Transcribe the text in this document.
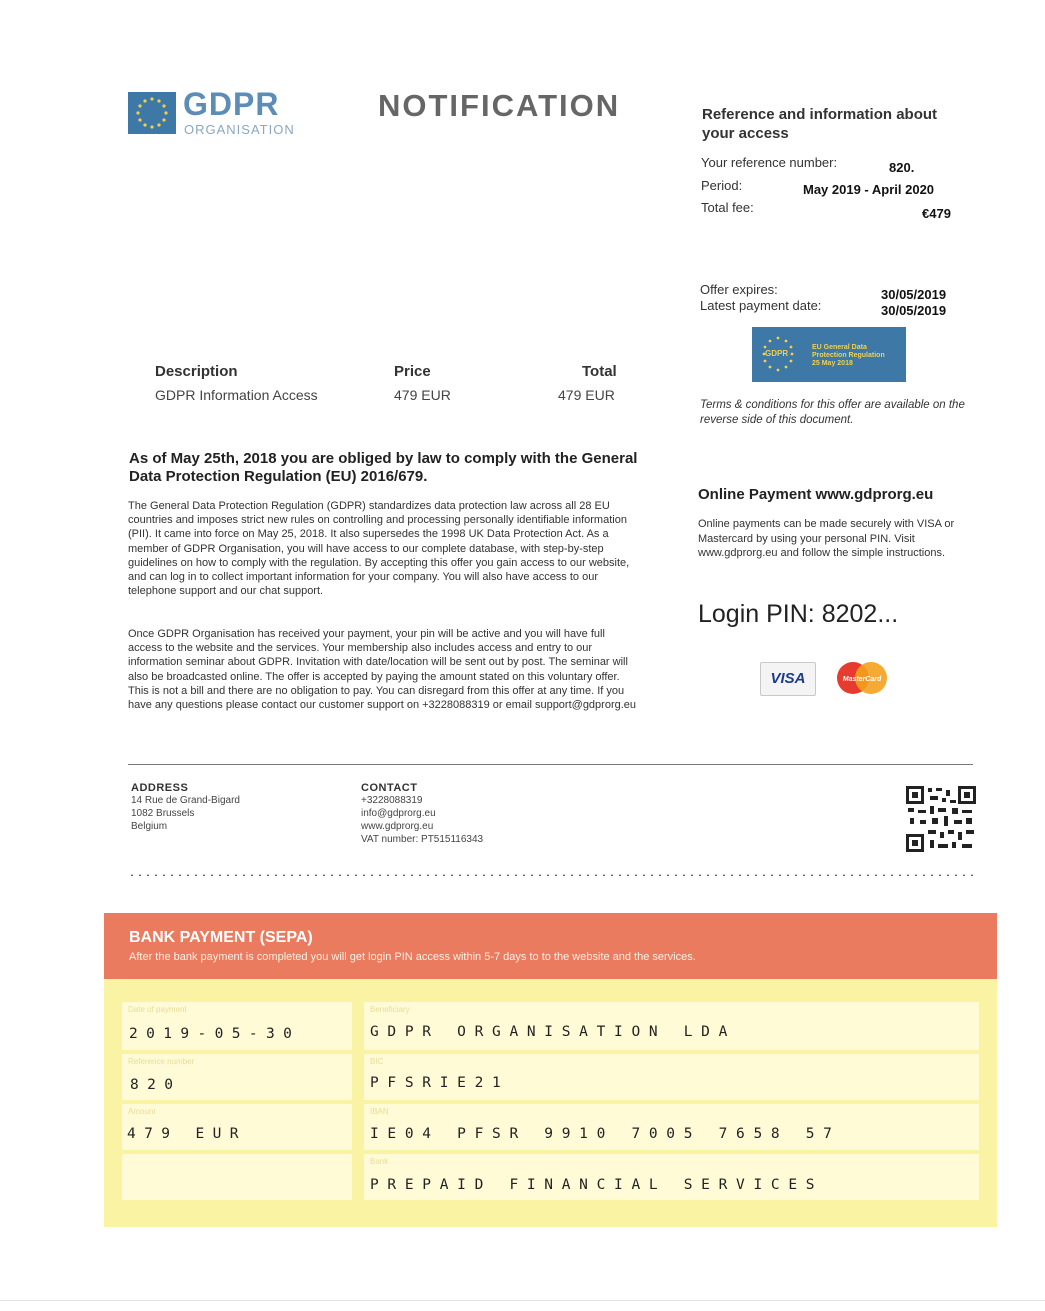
GDPR
ORGANISATION
NOTIFICATION	Reference and information about your access
Your reference number:	820.
Period:	May 2019 - April 2020
Total fee:	€479
Offer expires:	30/05/2019
Latest payment date:	30/05/2019
GDPR
EU General Data
Protection Regulation
25 May 2018
Terms & conditions for this offer are available on the reverse side of this document.
Description	Price	Total
GDPR Information Access	479 EUR	479 EUR
As of May 25th, 2018 you are obliged by law to comply with the General Data Protection Regulation (EU) 2016/679.
The General Data Protection Regulation (GDPR) standardizes data protection law across all 28 EU countries and imposes strict new rules on controlling and processing personally identifiable information (PII). It came into force on May 25, 2018. It also supersedes the 1998 UK Data Protection Act. As a member of GDPR Organisation, you will have access to our complete database, with step-by-step guidelines on how to comply with the regulation. By accepting this offer you gain access to our website, and can log in to collect important information for your company. You will also have access to our telephone support and our chat support.
Once GDPR Organisation has received your payment, your pin will be active and you will have full access to the website and the services. Your membership also includes access and entry to our information seminar about GDPR. Invitation with date/location will be sent out by post. The seminar will also be broadcasted online. The offer is accepted by paying the amount stated on this voluntary offer. This is not a bill and there are no obligation to pay. You can disregard from this offer at any time. If you have any questions please contact our customer support on +3228088319 or email support@gdprorg.eu
Online Payment www.gdprorg.eu
Online payments can be made securely with VISA or Mastercard by using your personal PIN. Visit www.gdprorg.eu and follow the simple instructions.
Login PIN: 8202...
VISA	MasterCard
ADDRESS
14 Rue de Grand-Bigard
1082 Brussels
Belgium
CONTACT
+3228088319
info@gdprorg.eu
www.gdprorg.eu
VAT number: PT515116343
BANK PAYMENT (SEPA)
After the bank payment is completed you will get login PIN access within 5-7 days to to the website and the services.
Date of payment
2019-05-30
Reference number
820
Amount
479 EUR
Beneficiary
GDPR ORGANISATION LDA
BIC
PFSRIE21
IBAN
IE04 PFSR 9910 7005 7658 57
Bank
PREPAID FINANCIAL SERVICES
